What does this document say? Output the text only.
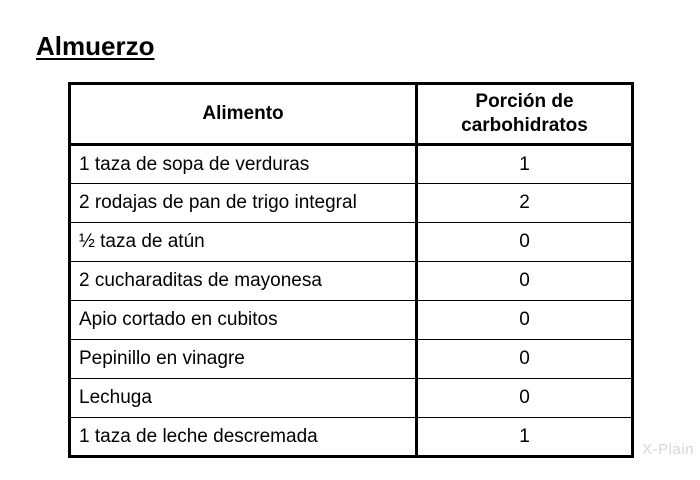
Almuerzo
Alimento	Porción de carbohidratos
1 taza de sopa de verduras	1
2 rodajas de pan de trigo integral	2
½ taza de atún	0
2 cucharaditas de mayonesa	0
Apio cortado en cubitos	0
Pepinillo en vinagre	0
Lechuga	0
1 taza de leche descremada	1
X-Plain
